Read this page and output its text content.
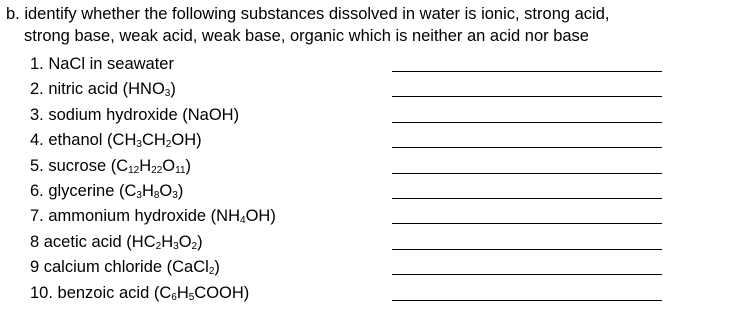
b. identify whether the following substances dissolved in water is ionic, strong acid,
strong base, weak acid, weak base, organic which is neither an acid nor base
1. NaCl in seawater
2. nitric acid $(HNO_3)$
3. sodium hydroxide (NaOH)
4. ethanol $(CH_3CH_2OH)$
5. sucrose $(C_{12}H_{22}O_{11})$
6. glycerine $(C_3H_8O_3)$
7. ammonium hydroxide $(NH_4OH)$
8 acetic acid $(HC_2H_3O_2)$
9 calcium chloride (CaCl$_2$)
10. benzoic acid $(C_6H_5COOH)$
